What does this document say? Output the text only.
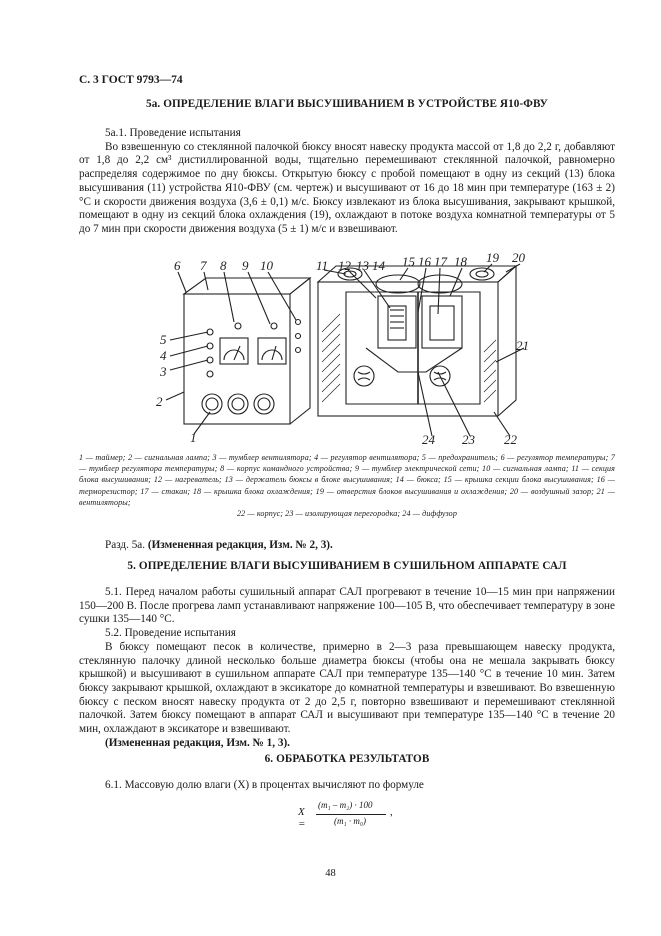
С. 3 ГОСТ 9793—74
5а. ОПРЕДЕЛЕНИЕ ВЛАГИ ВЫСУШИВАНИЕМ В УСТРОЙСТВЕ Я10-ФВУ

5а.1. Проведение испытания

Во взвешенную со стеклянной палочкой бюксу вносят навеску продукта массой от 1,8 до 2,2 г, добавляют от 1,8 до 2,2 см³ дистиллированной воды, тщательно перемешивают стеклянной палочкой, равномерно распределяя содержимое по дну бюксы. Открытую бюксу с пробой помещают в одну из секций (13) блока высушивания (11) устройства Я10-ФВУ (см. чертеж) и высушивают от 16 до 18 мин при температуре (163 ± 2) °С и скорости движения воздуха (3,6 ± 0,1) м/с. Бюксу извлекают из блока высушивания, закрывают крышкой, помещают в одну из секций блока охлаждения (19), охлаждают в потоке воздуха комнатной температуры от 5 до 7 мин при скорости движения воздуха (5 ± 1) м/с и взвешивают.

6 7 8 9 10
5
4
3
2
1
11 12 13 14 15 16 17 18 19 20
21
22
23
24
1 — таймер; 2 — сигнальная лампа; 3 — тумблер вентилятора; 4 — регулятор вентилятора; 5 — предохранитель; 6 — регулятор температуры; 7 — тумблер регулятора температуры; 8 — корпус командного устройства; 9 — тумблер электрической сети; 10 — сигнальная лампа; 11 — секция блока высушивания; 12 — нагреватель; 13 — держатель бюксы в блоке высушивания; 14 — бюкса; 15 — крышка секции блока высушивания; 16 — терморезистор; 17 — стакан; 18 — крышка блока охлаждения; 19 — отверстия блоков высушивания и охлаждения; 20 — воздушный зазор; 21 — вентиляторы;
22 — корпус; 23 — изолирующая перегородка; 24 — диффузор

Разд. 5а. (Измененная редакция, Изм. № 2, 3).

5. ОПРЕДЕЛЕНИЕ ВЛАГИ ВЫСУШИВАНИЕМ В СУШИЛЬНОМ АППАРАТЕ САЛ

5.1. Перед началом работы сушильный аппарат САЛ прогревают в течение 10—15 мин при напряжении 150—200 В. После прогрева ламп устанавливают напряжение 100—105 В, что обеспечивает температуру в зоне сушки 135—140 °С.

5.2. Проведение испытания

В бюксу помещают песок в количестве, примерно в 2—3 раза превышающем навеску продукта, стеклянную палочку длиной несколько больше диаметра бюксы (чтобы она не мешала закрывать бюксу крышкой) и высушивают в сушильном аппарате САЛ при температуре 135—140 °С в течение 10 мин. Затем бюксу закрывают крышкой, охлаждают в эксикаторе до комнатной температуры и взвешивают. Во взвешенную бюксу с песком вносят навеску продукта от 2 до 2,5 г, повторно взвешивают и перемешивают стеклянной палочкой. Затем бюксу помещают в аппарат САЛ и высушивают при температуре 135—140 °С в течение 20 мин, охлаждают в эксикаторе и взвешивают.

(Измененная редакция, Изм. № 1, 3).

6. ОБРАБОТКА РЕЗУЛЬТАТОВ

6.1. Массовую долю влаги (X) в процентах вычисляют по формуле

X =
(m₁ – m₂) · 100
(m₁ · m₀)
,
48
